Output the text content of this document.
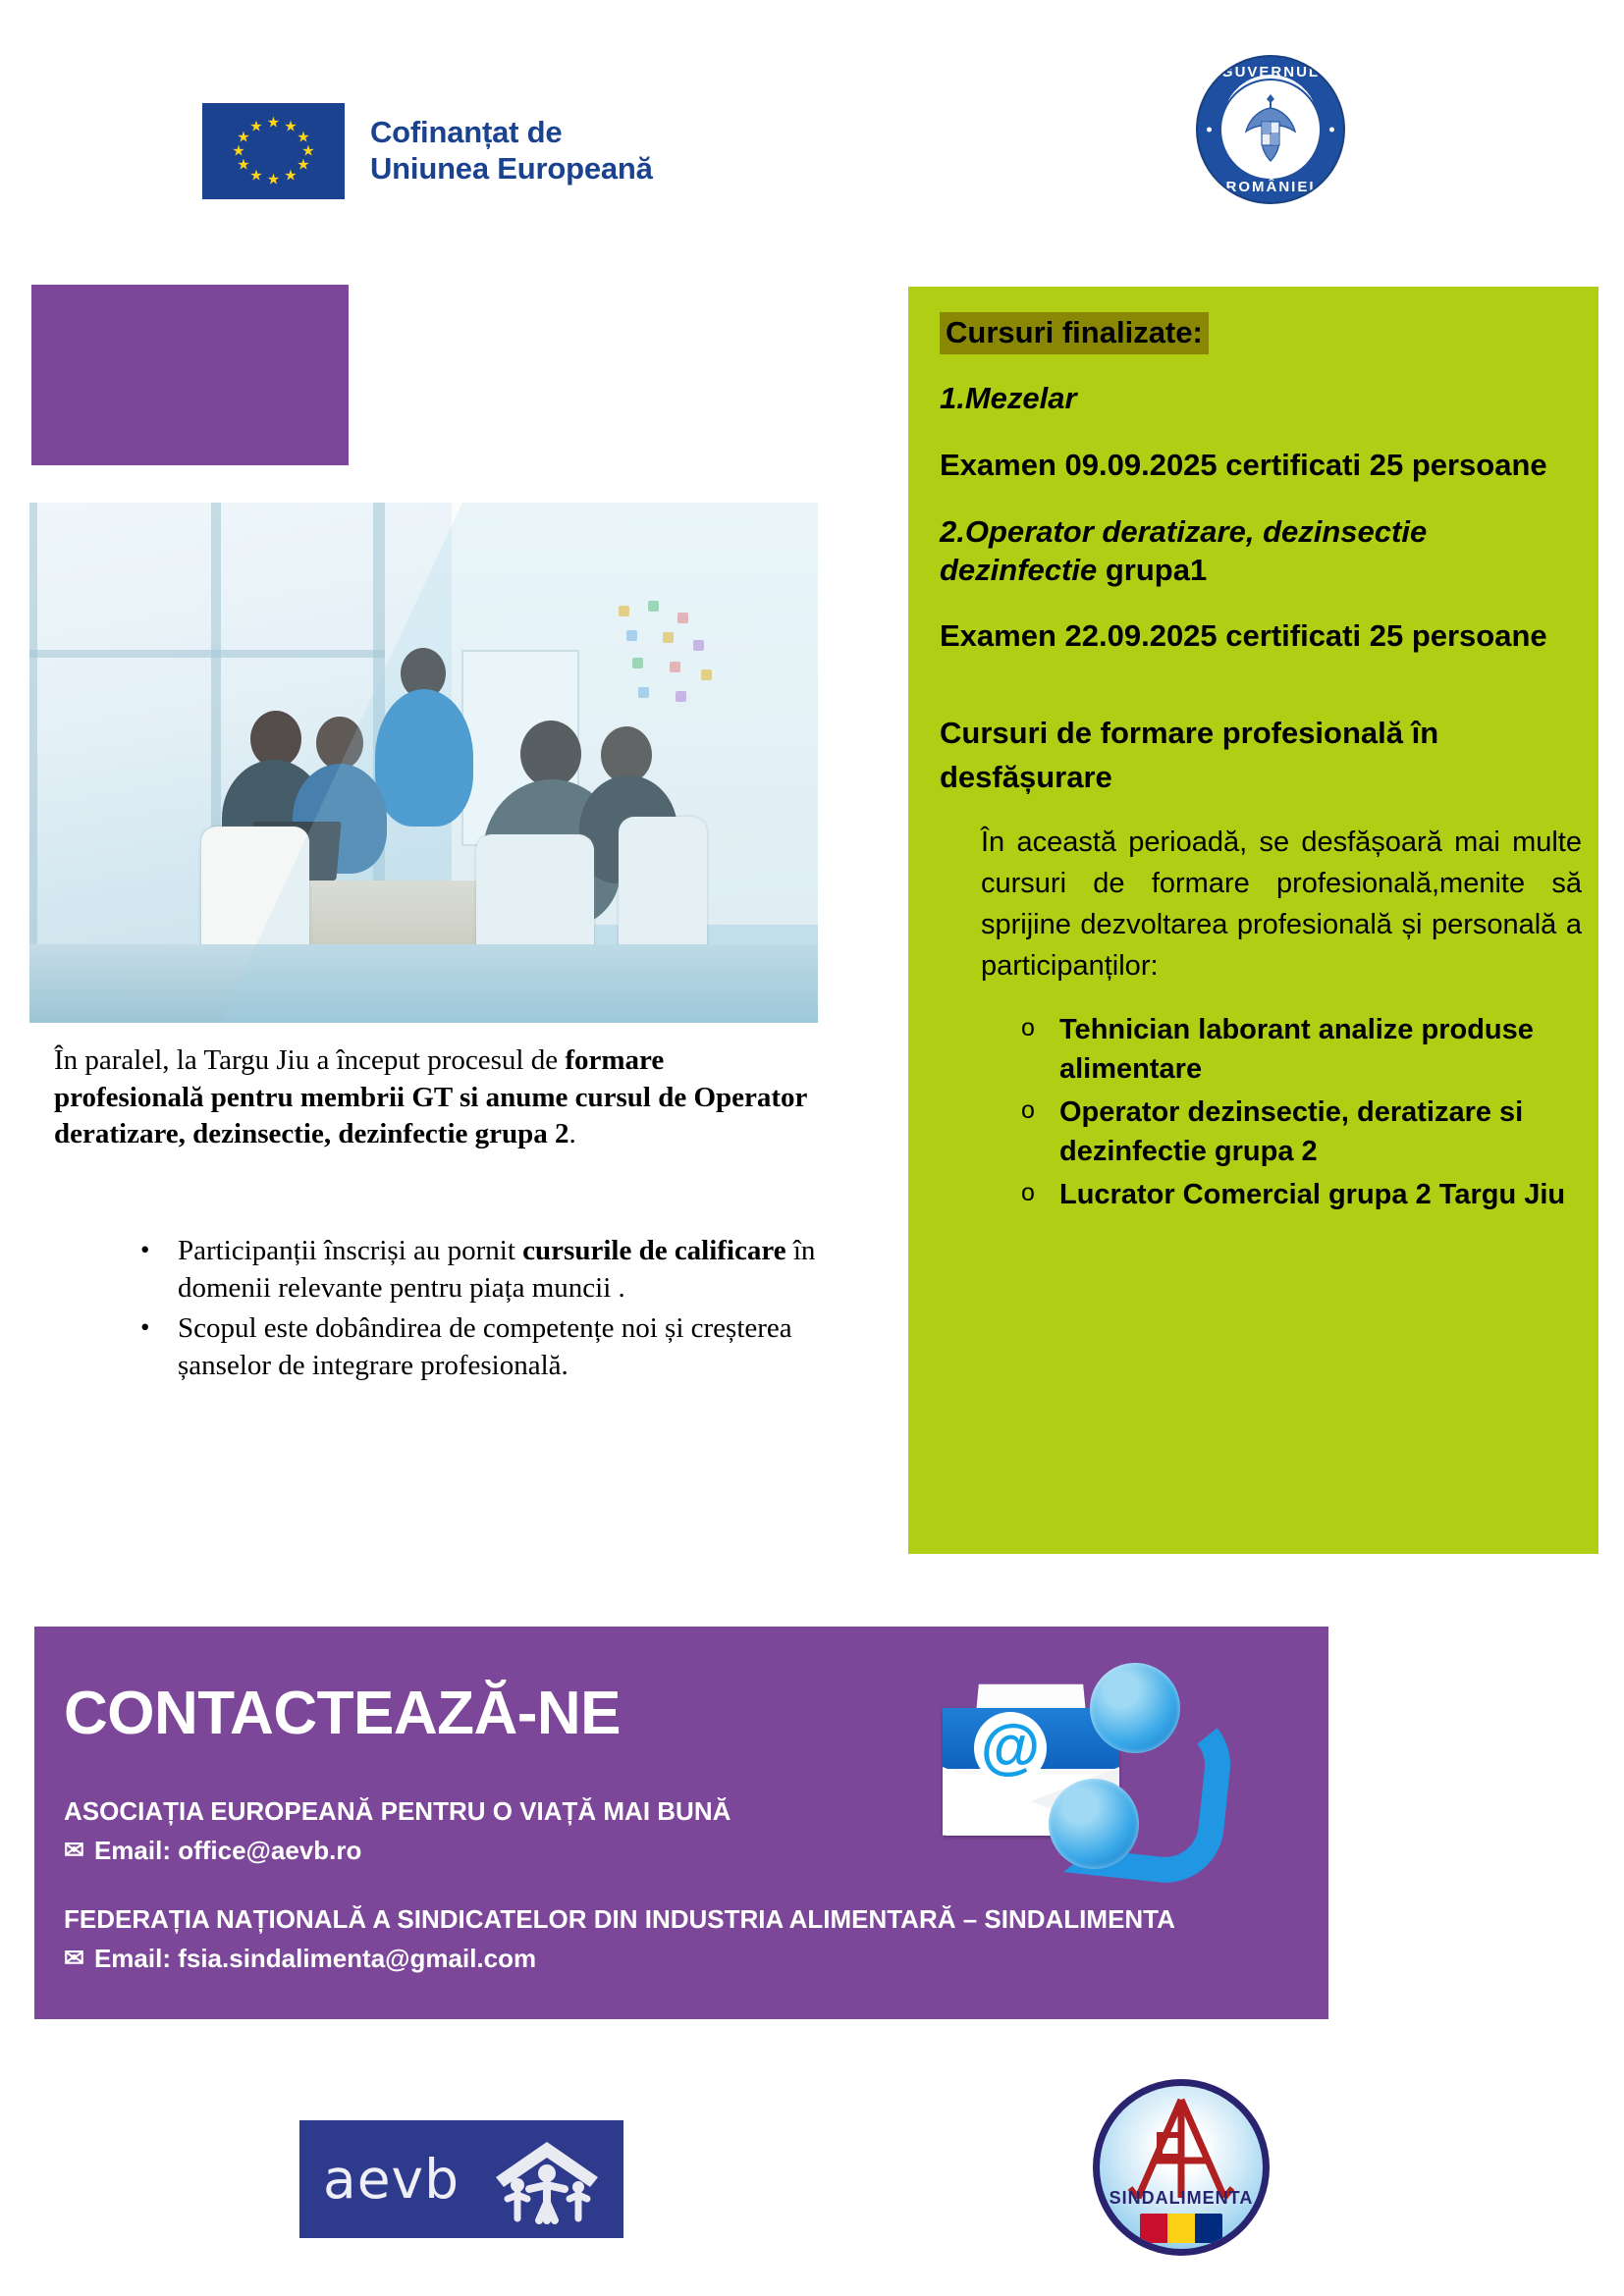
★ ★
★
★
★
★
★
★
★
★
★
★	Cofinanțat de
Uniunea Europeană
GUVERNUL
ROMÂNIEI
În paralel, la Targu Jiu a început procesul de formare profesională pentru membrii GT si anume cursul de Operator deratizare, dezinsectie, dezinfectie grupa 2.
• Participanții înscriși au pornit cursurile de calificare în domenii relevante pentru piața muncii .
• Scopul este dobândirea de competențe noi și creșterea șanselor de integrare profesională.
Cursuri finalizate:
1.Mezelar
Examen 09.09.2025 certificati 25 persoane
2.Operator deratizare, dezinsectie dezinfectie grupa1
Examen 22.09.2025 certificati 25 persoane
Cursuri de formare profesională în desfășurare
În această perioadă, se desfășoară mai multe cursuri de formare profesională,menite să sprijine dezvoltarea profesională și personală a participanților:
o Tehnician laborant analize produse alimentare
o Operator dezinsectie, deratizare si dezinfectie grupa 2
o Lucrator Comercial grupa 2 Targu Jiu
CONTACTEAZĂ-NE
ASOCIAȚIA EUROPEANĂ PENTRU O VIAȚĂ MAI BUNĂ
✉ Email: office@aevb.ro
FEDERAȚIA NAȚIONALĂ A SINDICATELOR DIN INDUSTRIA ALIMENTARĂ – SINDALIMENTA
✉ Email: fsia.sindalimenta@gmail.com
@
aevb	SINDALIMENTA
